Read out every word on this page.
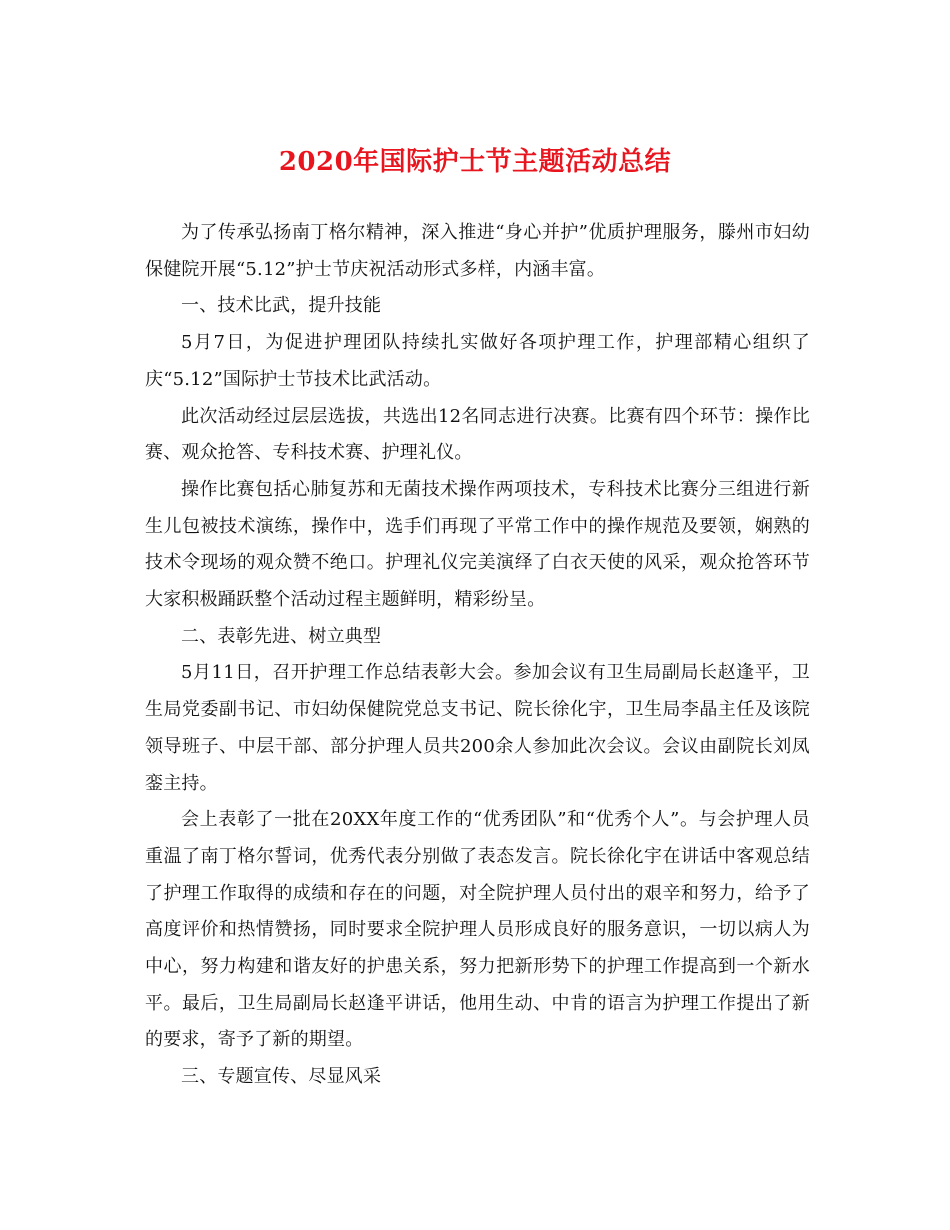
2020年国际护士节主题活动总结

为了传承弘扬南丁格尔精神，深入推进“身心并护”优质护理服务，滕州市妇幼保健院开展“5.12”护士节庆祝活动形式多样，内涵丰富。

一、技术比武，提升技能

5月7日，为促进护理团队持续扎实做好各项护理工作，护理部精心组织了庆“5.12”国际护士节技术比武活动。

此次活动经过层层选拔，共选出12名同志进行决赛。比赛有四个环节：操作比赛、观众抢答、专科技术赛、护理礼仪。

操作比赛包括心肺复苏和无菌技术操作两项技术，专科技术比赛分三组进行新生儿包被技术演练，操作中，选手们再现了平常工作中的操作规范及要领，娴熟的技术令现场的观众赞不绝口。护理礼仪完美演绎了白衣天使的风采，观众抢答环节大家积极踊跃整个活动过程主题鲜明，精彩纷呈。

二、表彰先进、树立典型

5月11日，召开护理工作总结表彰大会。参加会议有卫生局副局长赵逢平，卫生局党委副书记、市妇幼保健院党总支书记、院长徐化宇，卫生局李晶主任及该院领导班子、中层干部、部分护理人员共200余人参加此次会议。会议由副院长刘凤銮主持。

会上表彰了一批在20XX年度工作的“优秀团队”和“优秀个人”。与会护理人员重温了南丁格尔誓词，优秀代表分别做了表态发言。院长徐化宇在讲话中客观总结了护理工作取得的成绩和存在的问题，对全院护理人员付出的艰辛和努力，给予了高度评价和热情赞扬，同时要求全院护理人员形成良好的服务意识，一切以病人为中心，努力构建和谐友好的护患关系，努力把新形势下的护理工作提高到一个新水平。最后，卫生局副局长赵逢平讲话，他用生动、中肯的语言为护理工作提出了新的要求，寄予了新的期望。

三、专题宣传、尽显风采
